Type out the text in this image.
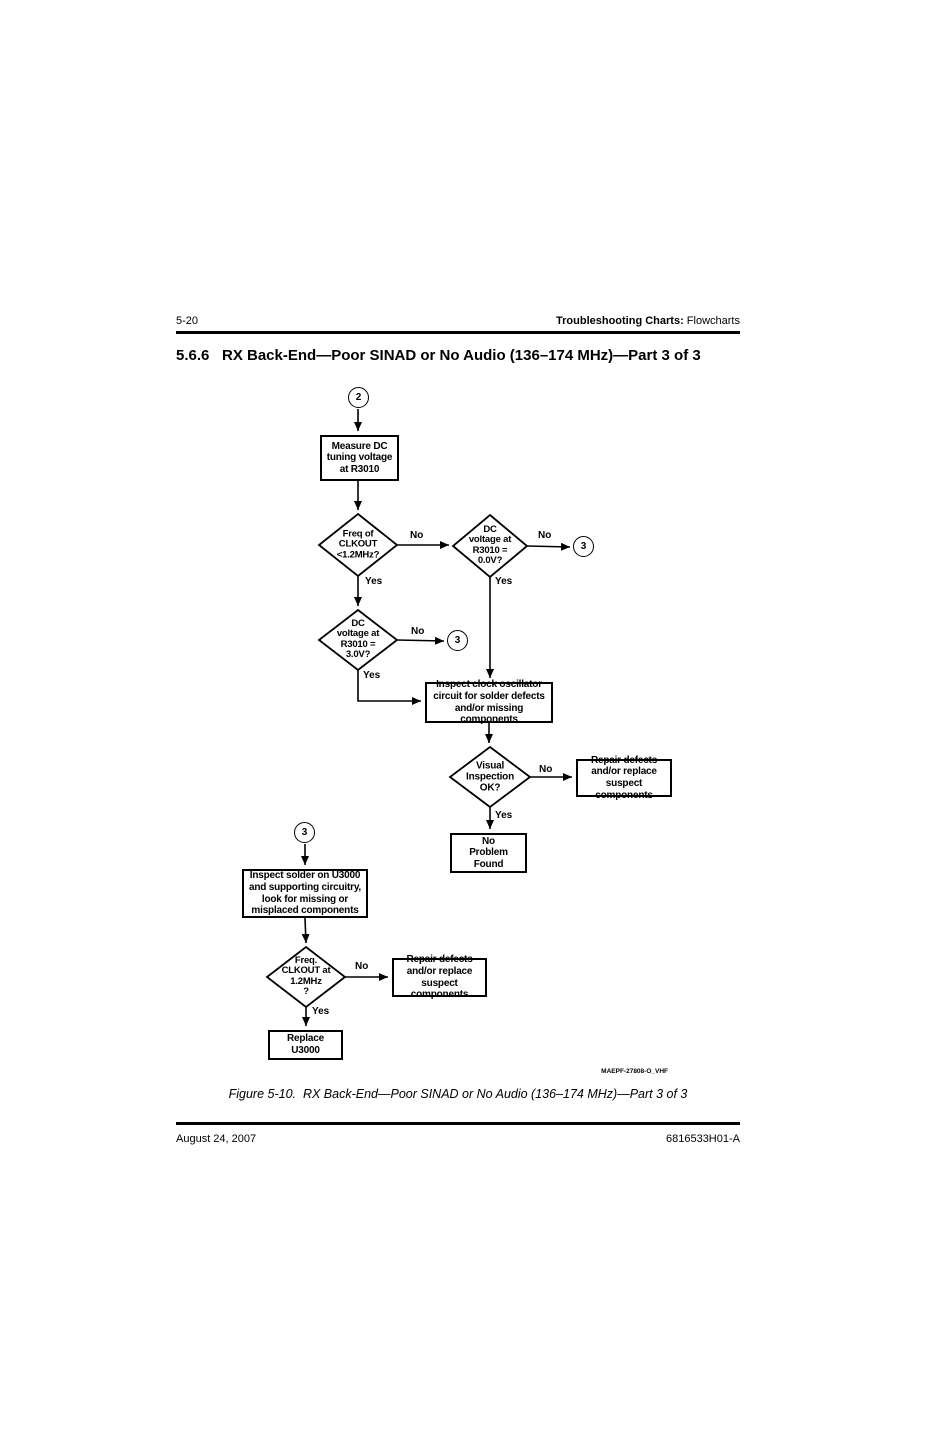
5-20	Troubleshooting Charts: Flowcharts
5.6.6 RX Back-End—Poor SINAD or No Audio (136–174 MHz)—Part 3 of 3
2
3
3
3
Measure DC
tuning voltage
at R3010
Inspect clock oscillator
circuit for solder defects
and/or missing components
Repair defects
and/or replace
suspect components
No
Problem
Found
Inspect solder on U3000
and supporting circuitry,
look for missing or
misplaced components
Repair defects
and/or replace
suspect components
Replace
U3000
Freq of
CLKOUT
<1.2MHz?
DC
voltage at
R3010 =
0.0V?
DC
voltage at
R3010 =
3.0V?
Visual
Inspection
OK?
Freq.
CLKOUT at
1.2MHz
?
No	No
Yes	Yes
No
Yes
No
Yes
No
Yes
MAEPF-27808-O_VHF
Figure 5-10.  RX Back-End—Poor SINAD or No Audio (136–174 MHz)—Part 3 of 3
August 24, 2007	6816533H01-A
